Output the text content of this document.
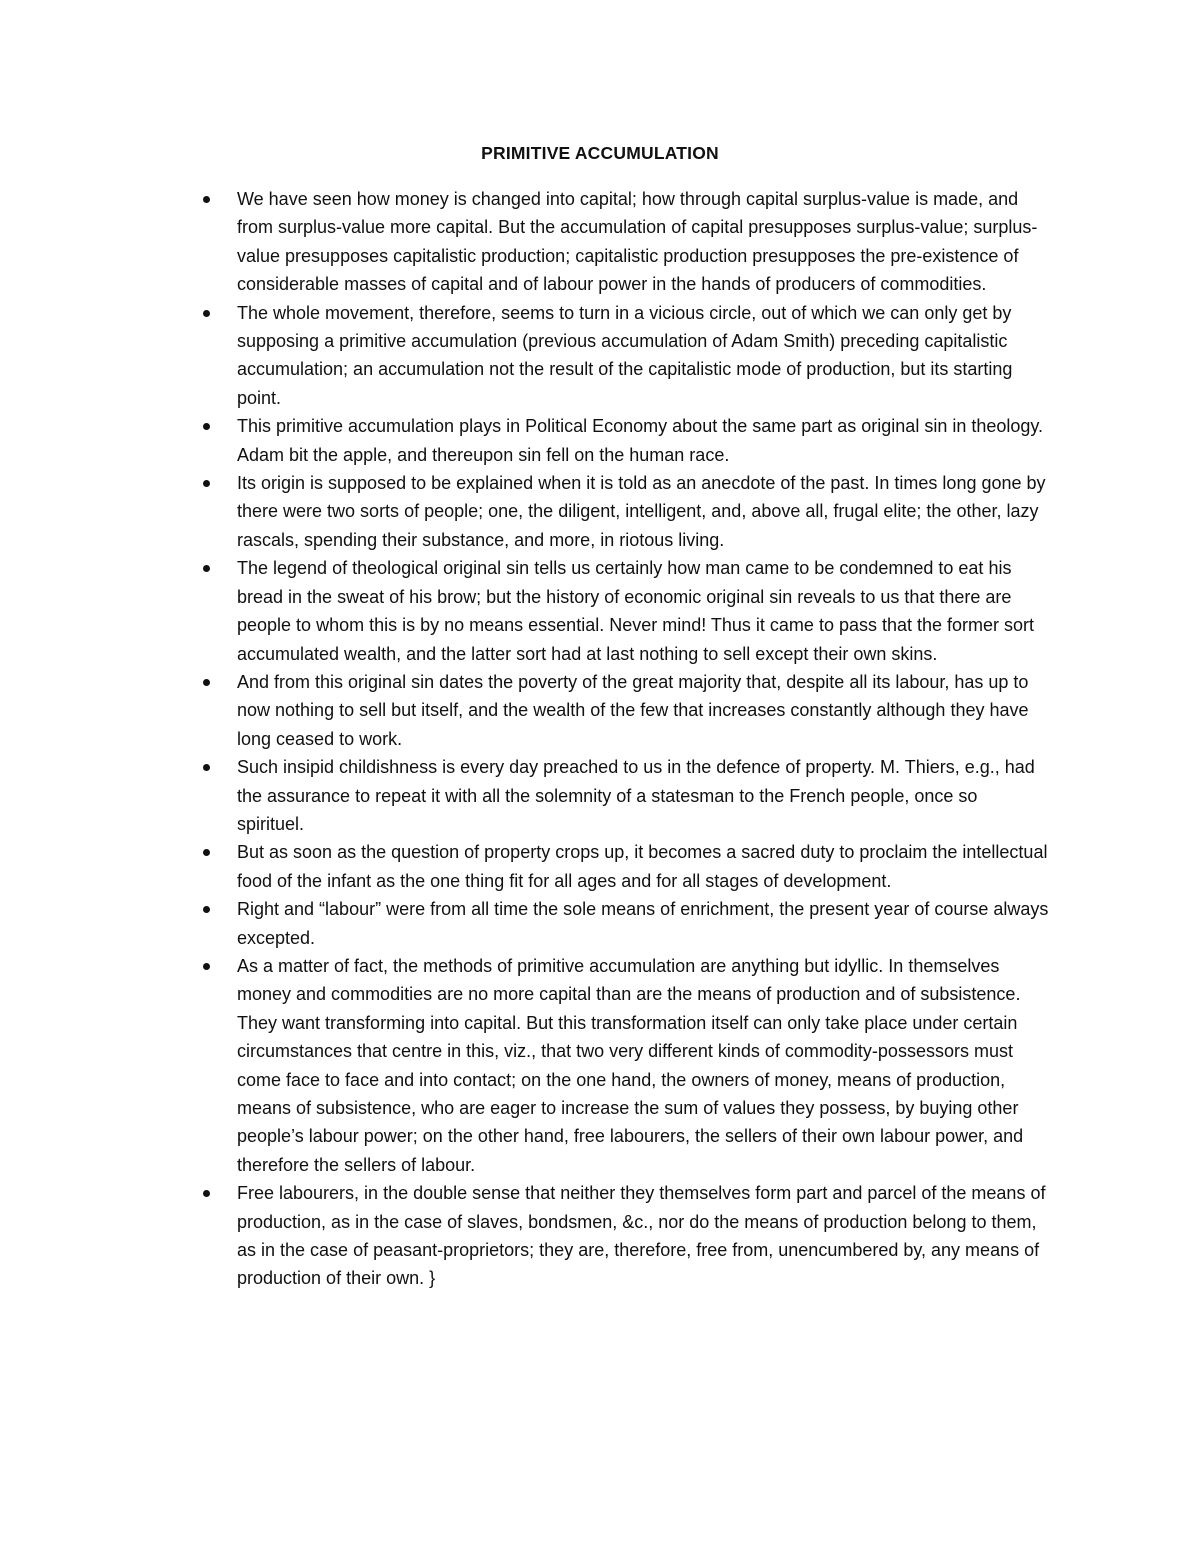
PRIMITIVE ACCUMULATION
We have seen how money is changed into capital; how through capital surplus-value is made, and from surplus-value more capital. But the accumulation of capital presupposes surplus-value; surplus-value presupposes capitalistic production; capitalistic production presupposes the pre-existence of considerable masses of capital and of labour power in the hands of producers of commodities.
The whole movement, therefore, seems to turn in a vicious circle, out of which we can only get by supposing a primitive accumulation (previous accumulation of Adam Smith) preceding capitalistic accumulation; an accumulation not the result of the capitalistic mode of production, but its starting point.
This primitive accumulation plays in Political Economy about the same part as original sin in theology. Adam bit the apple, and thereupon sin fell on the human race.
Its origin is supposed to be explained when it is told as an anecdote of the past. In times long gone by there were two sorts of people; one, the diligent, intelligent, and, above all, frugal elite; the other, lazy rascals, spending their substance, and more, in riotous living.
The legend of theological original sin tells us certainly how man came to be condemned to eat his bread in the sweat of his brow; but the history of economic original sin reveals to us that there are people to whom this is by no means essential. Never mind! Thus it came to pass that the former sort accumulated wealth, and the latter sort had at last nothing to sell except their own skins.
And from this original sin dates the poverty of the great majority that, despite all its labour, has up to now nothing to sell but itself, and the wealth of the few that increases constantly although they have long ceased to work.
Such insipid childishness is every day preached to us in the defence of property. M. Thiers, e.g., had the assurance to repeat it with all the solemnity of a statesman to the French people, once so spirituel.
But as soon as the question of property crops up, it becomes a sacred duty to proclaim the intellectual food of the infant as the one thing fit for all ages and for all stages of development.
Right and “labour” were from all time the sole means of enrichment, the present year of course always excepted.
As a matter of fact, the methods of primitive accumulation are anything but idyllic. In themselves money and commodities are no more capital than are the means of production and of subsistence. They want transforming into capital. But this transformation itself can only take place under certain circumstances that centre in this, viz., that two very different kinds of commodity-possessors must come face to face and into contact; on the one hand, the owners of money, means of production, means of subsistence, who are eager to increase the sum of values they possess, by buying other people’s labour power; on the other hand, free labourers, the sellers of their own labour power, and therefore the sellers of labour.
Free labourers, in the double sense that neither they themselves form part and parcel of the means of production, as in the case of slaves, bondsmen, &c., nor do the means of production belong to them, as in the case of peasant-proprietors; they are, therefore, free from, unencumbered by, any means of production of their own. }
